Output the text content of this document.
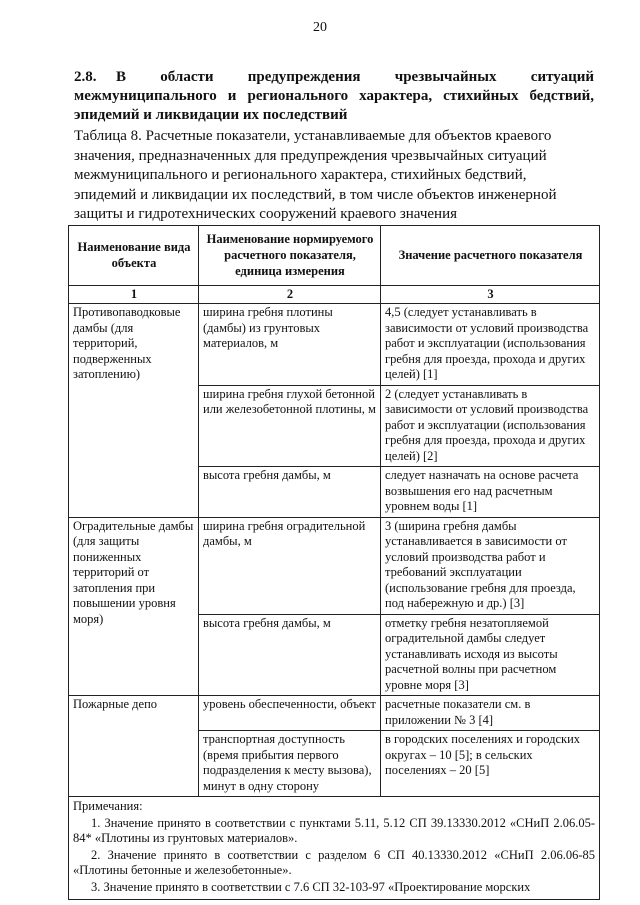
20
2.8. В области предупреждения чрезвычайных ситуаций межмуниципального и регионального характера, стихийных бедствий, эпидемий и ликвидации их последствий
Таблица 8. Расчетные показатели, устанавливаемые для объектов краевого значения, предназначенных для предупреждения чрезвычайных ситуаций межмуниципального и регионального характера, стихийных бедствий, эпидемий и ликвидации их последствий, в том числе объектов инженерной защиты и гидротехнических сооружений краевого значения
Наименование вида объекта	Наименование нормируемого расчетного показателя, единица измерения	Значение расчетного показателя
1	2	3
Противопаводковые дамбы (для территорий, подверженных затоплению)	ширина гребня плотины (дамбы) из грунтовых материалов, м	4,5 (следует устанавливать в зависимости от условий производства работ и эксплуатации (использования гребня для проезда, прохода и других целей) [1]
	ширина гребня глухой бетонной или железобетонной плотины, м	2 (следует устанавливать в зависимости от условий производства работ и эксплуатации (использования гребня для проезда, прохода и других целей) [2]
	высота гребня дамбы, м	следует назначать на основе расчета возвышения его над расчетным уровнем воды [1]
Оградительные дамбы (для защиты пониженных территорий от затопления при повышении уровня моря)	ширина гребня оградительной дамбы, м	3 (ширина гребня дамбы устанавливается в зависимости от условий производства работ и требований эксплуатации (использование гребня для проезда, под набережную и др.) [3]
	высота гребня дамбы, м	отметку гребня незатопляемой оградительной дамбы следует устанавливать исходя из высоты расчетной волны при расчетном уровне моря [3]
Пожарные депо	уровень обеспеченности, объект	расчетные показатели см. в приложении № 3 [4]
	транспортная доступность (время прибытия первого подразделения к месту вызова), минут в одну сторону	в городских поселениях и городских округах – 10 [5]; в сельских поселениях – 20 [5]

Примечания:
1. Значение принято в соответствии с пунктами 5.11, 5.12 СП 39.13330.2012 «СНиП 2.06.05-84* «Плотины из грунтовых материалов».
2. Значение принято в соответствии с разделом 6 СП 40.13330.2012 «СНиП 2.06.06-85 «Плотины бетонные и железобетонные».
3. Значение принято в соответствии с 7.6 СП 32-103-97 «Проектирование морских		
